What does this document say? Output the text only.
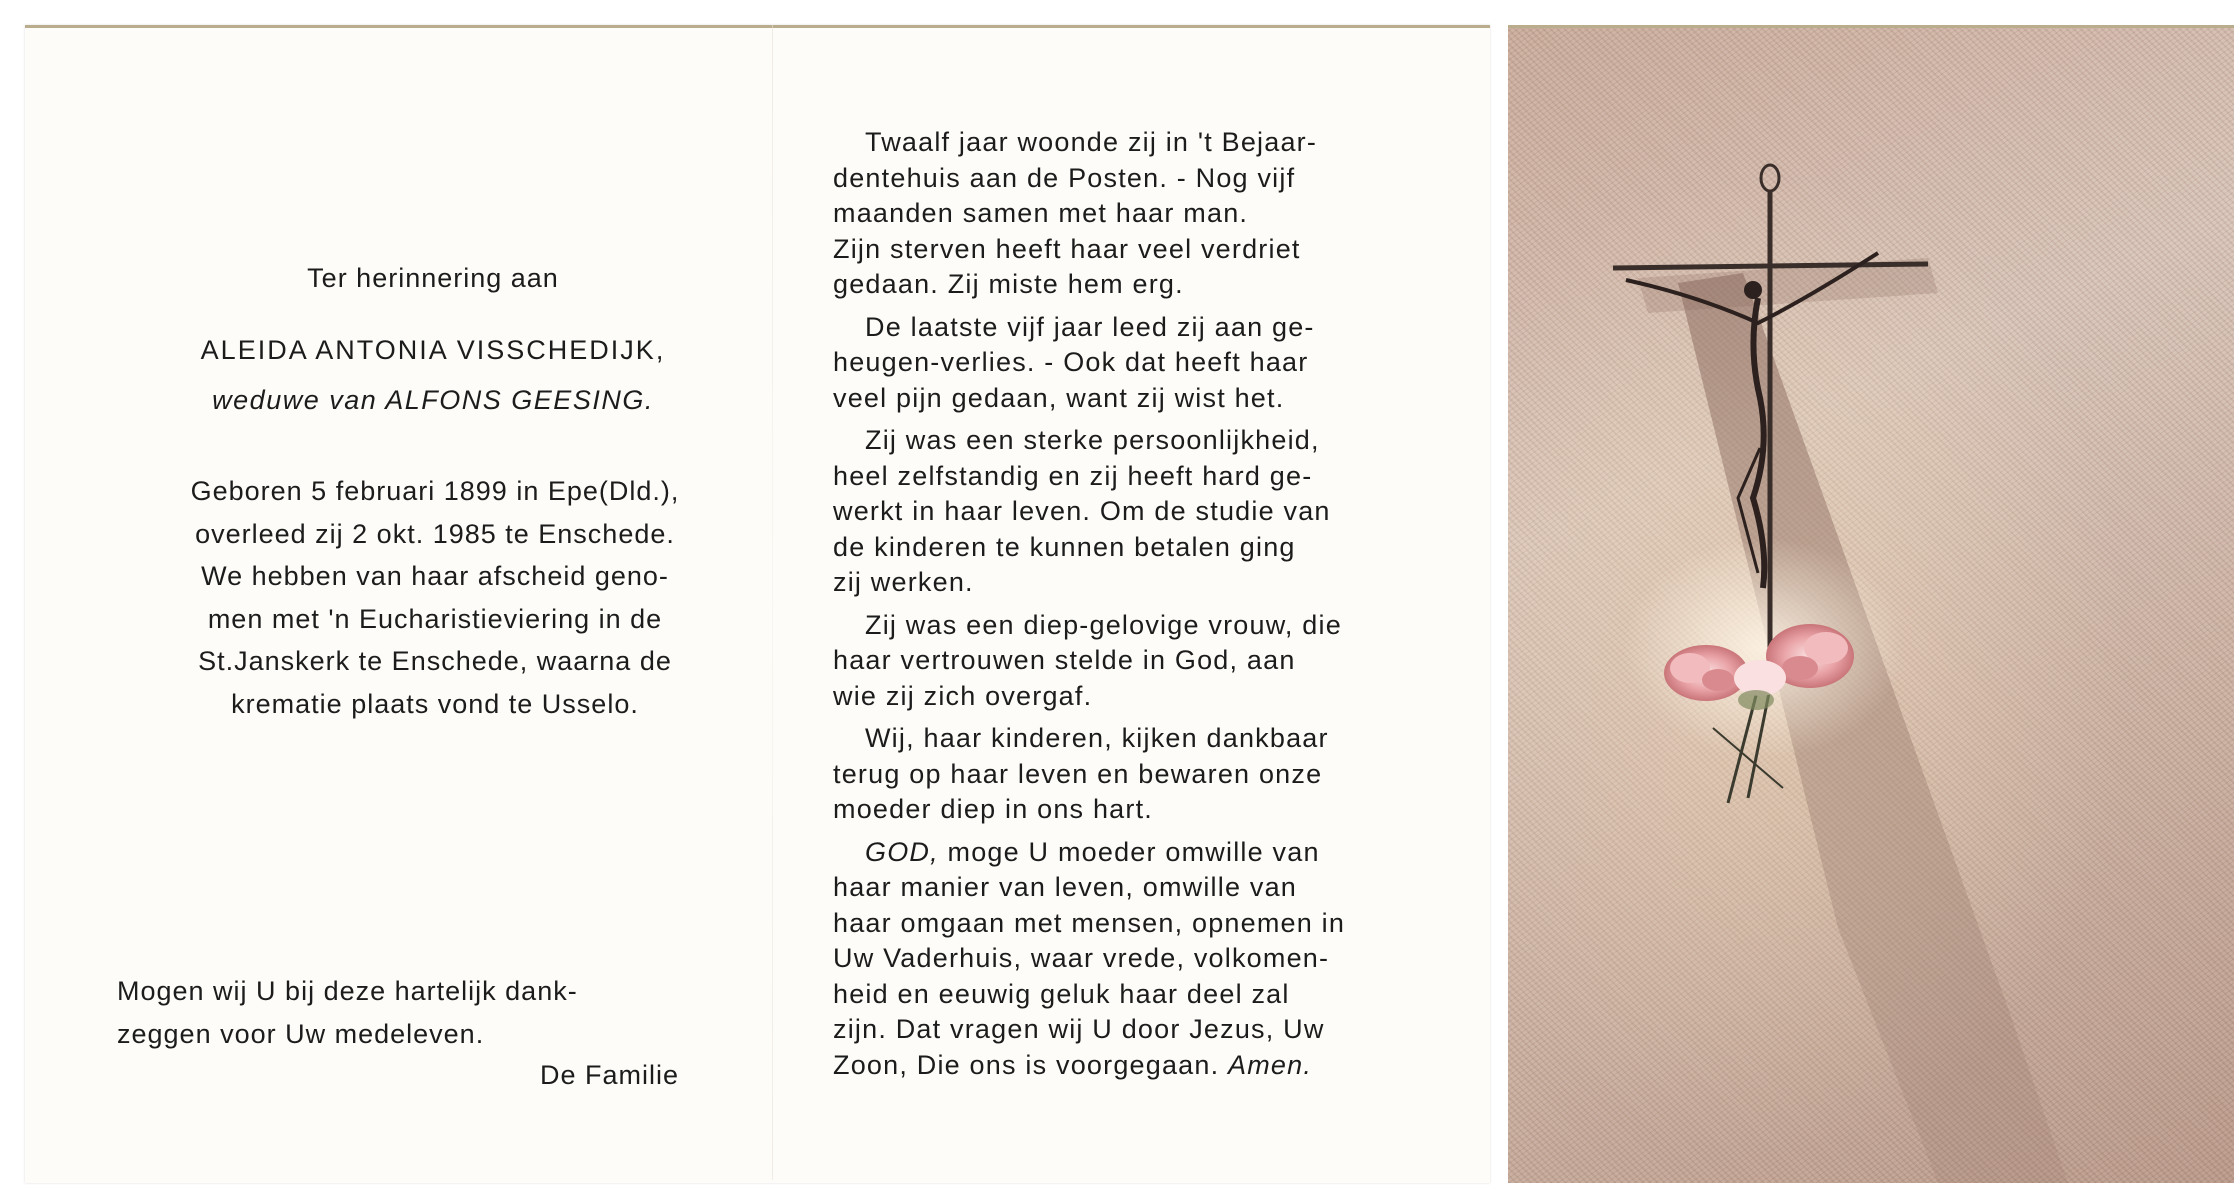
Ter herinnering aan
ALEIDA ANTONIA VISSCHEDIJK,
weduwe van ALFONS GEESING.
Geboren 5 februari 1899 in Epe(Dld.),
overleed zij 2 okt. 1985 te Enschede.
We hebben van haar afscheid geno-
men met 'n Eucharistieviering in de
St.Janskerk te Enschede, waarna de
krematie plaats vond te Usselo.
Mogen wij U bij deze hartelijk dank-
zeggen voor Uw medeleven.
De Familie
Twaalf jaar woonde zij in 't Bejaar-
dentehuis aan de Posten. - Nog vijf
maanden samen met haar man.
Zijn sterven heeft haar veel verdriet
gedaan. Zij miste hem erg.
De laatste vijf jaar leed zij aan ge-
heugen-verlies. - Ook dat heeft haar
veel pijn gedaan, want zij wist het.
Zij was een sterke persoonlijkheid,
heel zelfstandig en zij heeft hard ge-
werkt in haar leven. Om de studie van
de kinderen te kunnen betalen ging
zij werken.
Zij was een diep-gelovige vrouw, die
haar vertrouwen stelde in God, aan
wie zij zich overgaf.
Wij, haar kinderen, kijken dankbaar
terug op haar leven en bewaren onze
moeder diep in ons hart.
GOD, moge U moeder omwille van
haar manier van leven, omwille van
haar omgaan met mensen, opnemen in
Uw Vaderhuis, waar vrede, volkomen-
heid en eeuwig geluk haar deel zal
zijn. Dat vragen wij U door Jezus, Uw
Zoon, Die ons is voorgegaan. Amen.
